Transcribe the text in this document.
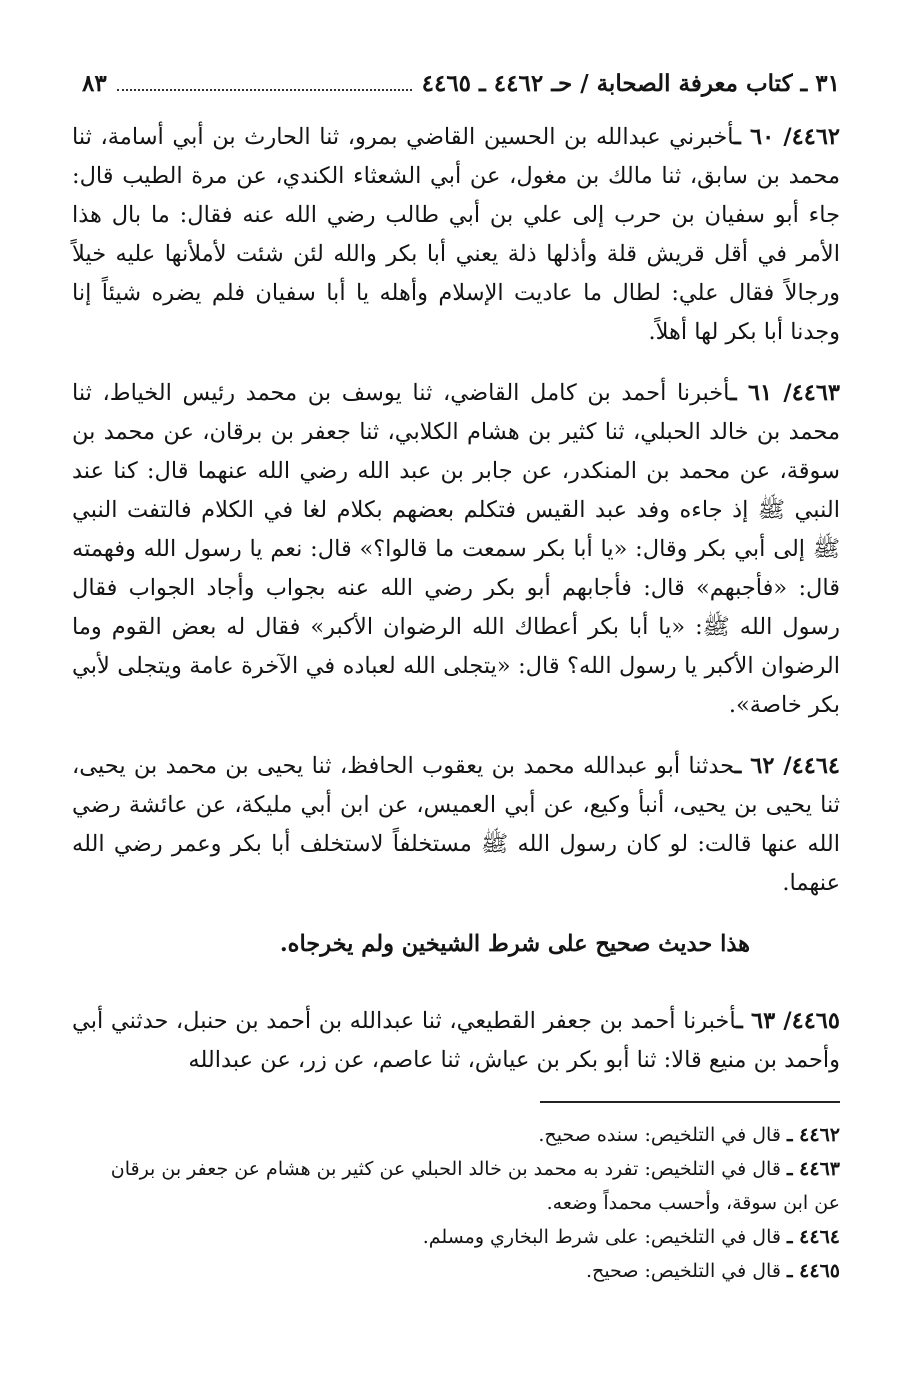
٣١ ـ كتاب معرفة الصحابة / حـ ٤٤٦٢ ـ ٤٤٦٥
٨٣

٤٤٦٢/ ٦٠ ـأخبرني عبدالله بن الحسين القاضي بمرو، ثنا الحارث بن أبي أسامة، ثنا محمد بن سابق، ثنا مالك بن مغول، عن أبي الشعثاء الكندي، عن مرة الطيب قال: جاء أبو سفيان بن حرب إلى علي بن أبي طالب رضي الله عنه فقال: ما بال هذا الأمر في أقل قريش قلة وأذلها ذلة يعني أبا بكر والله لئن شئت لأملأنها عليه خيلاً ورجالاً فقال علي: لطال ما عاديت الإسلام وأهله يا أبا سفيان فلم يضره شيئاً إنا وجدنا أبا بكر لها أهلاً.

٤٤٦٣/ ٦١ ـأخبرنا أحمد بن كامل القاضي، ثنا يوسف بن محمد رئيس الخياط، ثنا محمد بن خالد الحبلي، ثنا كثير بن هشام الكلابي، ثنا جعفر بن برقان، عن محمد بن سوقة، عن محمد بن المنكدر، عن جابر بن عبد الله رضي الله عنهما قال: كنا عند النبي ﷺ إذ جاءه وفد عبد القيس فتكلم بعضهم بكلام لغا في الكلام فالتفت النبي ﷺ إلى أبي بكر وقال: «يا أبا بكر سمعت ما قالوا؟» قال: نعم يا رسول الله وفهمته قال: «فأجبهم» قال: فأجابهم أبو بكر رضي الله عنه بجواب وأجاد الجواب فقال رسول الله ﷺ: «يا أبا بكر أعطاك الله الرضوان الأكبر» فقال له بعض القوم وما الرضوان الأكبر يا رسول الله؟ قال: «يتجلى الله لعباده في الآخرة عامة ويتجلى لأبي بكر خاصة».

٤٤٦٤/ ٦٢ ـحدثنا أبو عبدالله محمد بن يعقوب الحافظ، ثنا يحيى بن محمد بن يحيى، ثنا يحيى بن يحيى، أنبأ وكيع، عن أبي العميس، عن ابن أبي مليكة، عن عائشة رضي الله عنها قالت: لو كان رسول الله ﷺ مستخلفاً لاستخلف أبا بكر وعمر رضي الله عنهما.

هذا حديث صحيح على شرط الشيخين ولم يخرجاه.

٤٤٦٥/ ٦٣ ـأخبرنا أحمد بن جعفر القطيعي، ثنا عبدالله بن أحمد بن حنبل، حدثني أبي وأحمد بن منيع قالا: ثنا أبو بكر بن عياش، ثنا عاصم، عن زر، عن عبدالله

٤٤٦٢ ـ قال في التلخيص: سنده صحيح.

٤٤٦٣ ـ قال في التلخيص: تفرد به محمد بن خالد الحبلي عن كثير بن هشام عن جعفر بن برقان عن ابن سوقة، وأحسب محمداً وضعه.

٤٤٦٤ ـ قال في التلخيص: على شرط البخاري ومسلم.

٤٤٦٥ ـ قال في التلخيص: صحيح.
